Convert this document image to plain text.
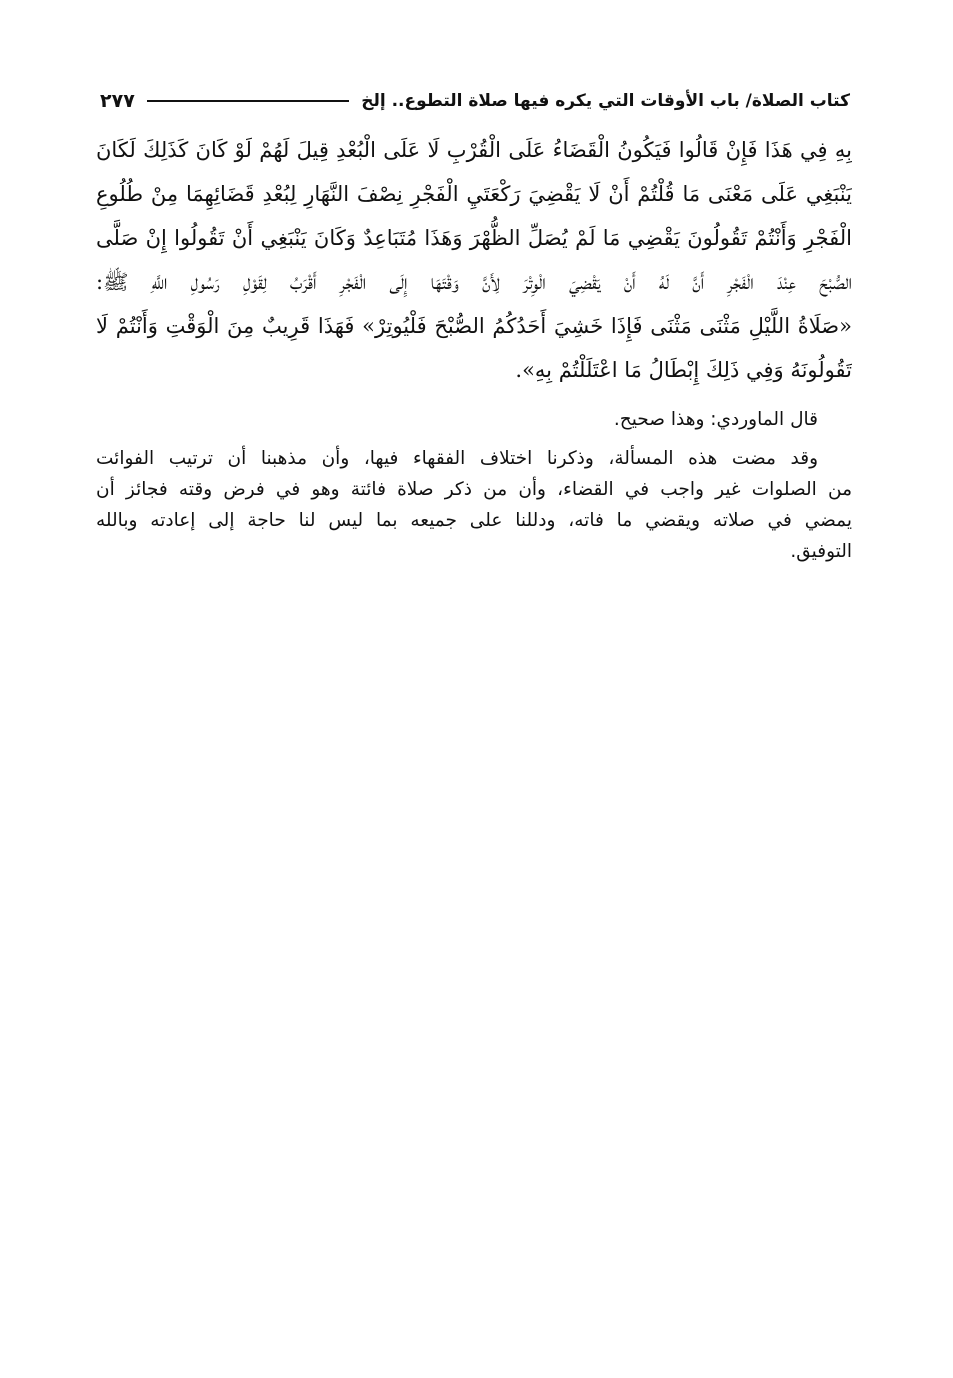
٢٧٧	كتاب الصلاة/ باب الأوقات التي يكره فيها صلاة التطوع.. إلخ
بِهِ فِي هَذَا فَإِنْ قَالُوا فَيَكُونُ الْقَضَاءُ عَلَى الْقُرْبِ لَا عَلَى الْبُعْدِ قِيلَ لَهُمْ لَوْ كَانَ كَذَلِكَ لَكَانَ
يَنْبَغِي عَلَى مَعْنَى مَا قُلْتُمْ أَنْ لَا يَقْضِيَ رَكْعَتَيِ الْفَجْرِ نِصْفَ النَّهَارِ لِبُعْدِ قَضَائِهِمَا مِنْ طُلُوعِ
الْفَجْرِ وَأَنْتُمْ تَقُولُونَ يَقْضِي مَا لَمْ يُصَلِّ الظُّهْرَ وَهَذَا مُتَبَاعِدٌ وَكَانَ يَنْبَغِي أَنْ تَقُولُوا إِنْ صَلَّى
الصُّبْحَ عِنْدَ الْفَجْرِ أَنَّ لَهُ أَنْ يَقْضِيَ الْوِتْرَ لِأَنَّ وَقْتَهَا إِلَى الْفَجْرِ أَقْرَبُ لِقَوْلِ رَسُولِ اللَّهِ ﷺ:
«صَلَاةُ اللَّيْلِ مَثْنَى مَثْنَى فَإِذَا خَشِيَ أَحَدُكُمُ الصُّبْحَ فَلْيُوتِرْ» فَهَذَا قَرِيبٌ مِنَ الْوَقْتِ وَأَنْتُمْ لَا
تَقُولُونَهُ وَفِي ذَلِكَ إِبْطَالُ مَا اعْتَلَلْتُمْ بِهِ».
قال الماوردي: وهذا صحيح.
وقد مضت هذه المسألة، وذكرنا اختلاف الفقهاء فيها، وأن مذهبنا أن ترتيب الفوائت
من الصلوات غير واجب في القضاء، وأن من ذكر صلاة فائتة وهو في فرض وقته فجائز أن
يمضي في صلاته ويقضي ما فاته، ودللنا على جميعه بما ليس لنا حاجة إلى إعادته وبالله
التوفيق.
